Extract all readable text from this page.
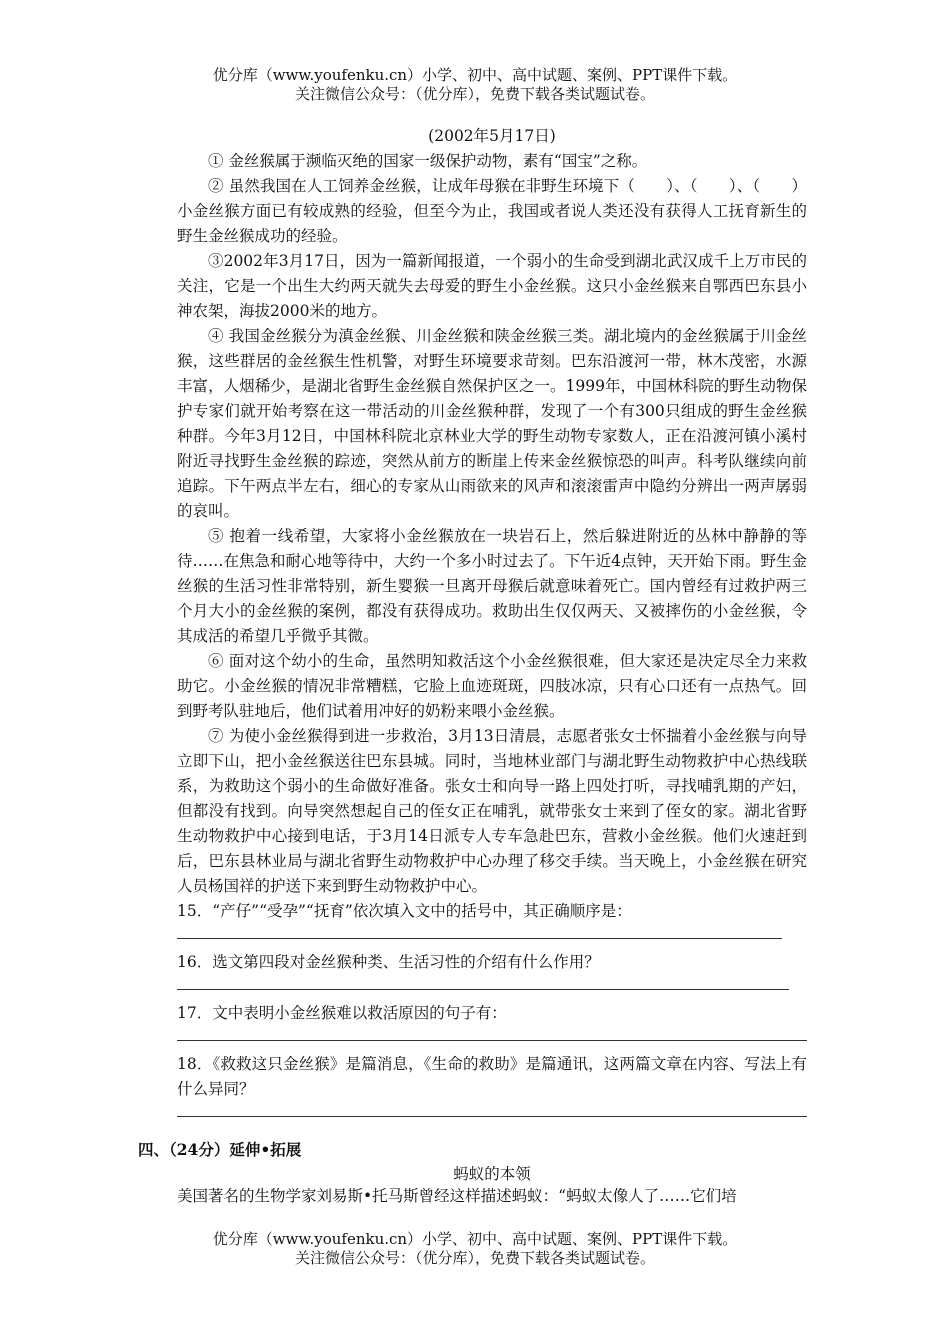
优分库（www.youfenku.cn）小学、初中、高中试题、案例、PPT课件下载。
关注微信公众号：（优分库），免费下载各类试题试卷。

(2002年5月17日)

① 金丝猴属于濒临灭绝的国家一级保护动物，素有“国宝”之称。

② 虽然我国在人工饲养金丝猴，让成年母猴在非野生环境下（　　）、（　　）、（　　）小金丝猴方面已有较成熟的经验，但至今为止，我国或者说人类还没有获得人工抚育新生的野生金丝猴成功的经验。

③2002年3月17日，因为一篇新闻报道，一个弱小的生命受到湖北武汉成千上万市民的关注，它是一个出生大约两天就失去母爱的野生小金丝猴。这只小金丝猴来自鄂西巴东县小神农架，海拔2000米的地方。

④ 我国金丝猴分为滇金丝猴、川金丝猴和陕金丝猴三类。湖北境内的金丝猴属于川金丝猴，这些群居的金丝猴生性机警，对野生环境要求苛刻。巴东沿渡河一带，林木茂密，水源丰富，人烟稀少，是湖北省野生金丝猴自然保护区之一。1999年，中国林科院的野生动物保护专家们就开始考察在这一带活动的川金丝猴种群，发现了一个有300只组成的野生金丝猴种群。今年3月12日，中国林科院北京林业大学的野生动物专家数人，正在沿渡河镇小溪村附近寻找野生金丝猴的踪迹，突然从前方的断崖上传来金丝猴惊恐的叫声。科考队继续向前追踪。下午两点半左右，细心的专家从山雨欲来的风声和滚滚雷声中隐约分辨出一两声孱弱的哀叫。

⑤ 抱着一线希望，大家将小金丝猴放在一块岩石上，然后躲进附近的丛林中静静的等待……在焦急和耐心地等待中，大约一个多小时过去了。下午近4点钟，天开始下雨。野生金丝猴的生活习性非常特别，新生婴猴一旦离开母猴后就意味着死亡。国内曾经有过救护两三个月大小的金丝猴的案例，都没有获得成功。救助出生仅仅两天、又被摔伤的小金丝猴，令其成活的希望几乎微乎其微。

⑥ 面对这个幼小的生命，虽然明知救活这个小金丝猴很难，但大家还是决定尽全力来救助它。小金丝猴的情况非常糟糕，它脸上血迹斑斑，四肢冰凉，只有心口还有一点热气。回到野考队驻地后，他们试着用冲好的奶粉来喂小金丝猴。

⑦ 为使小金丝猴得到进一步救治，3月13日清晨，志愿者张女士怀揣着小金丝猴与向导立即下山，把小金丝猴送往巴东县城。同时，当地林业部门与湖北野生动物救护中心热线联系，为救助这个弱小的生命做好准备。张女士和向导一路上四处打听，寻找哺乳期的产妇，但都没有找到。向导突然想起自己的侄女正在哺乳，就带张女士来到了侄女的家。湖北省野生动物救护中心接到电话，于3月14日派专人专车急赴巴东，营救小金丝猴。他们火速赶到后，巴东县林业局与湖北省野生动物救护中心办理了移交手续。当天晚上，小金丝猴在研究人员杨国祥的护送下来到野生动物救护中心。

15．“产仔”“受孕”“抚育”依次填入文中的括号中，其正确顺序是：

16．选文第四段对金丝猴种类、生活习性的介绍有什么作用？

17．文中表明小金丝猴难以救活原因的句子有：

18．《救救这只金丝猴》是篇消息，《生命的救助》是篇通讯，这两篇文章在内容、写法上有什么异同？

四、（24分）延伸•拓展
蚂蚁的本领
美国著名的生物学家刘易斯•托马斯曾经这样描述蚂蚁：“蚂蚁太像人了……它们培
优分库（www.youfenku.cn）小学、初中、高中试题、案例、PPT课件下载。
关注微信公众号：（优分库），免费下载各类试题试卷。
